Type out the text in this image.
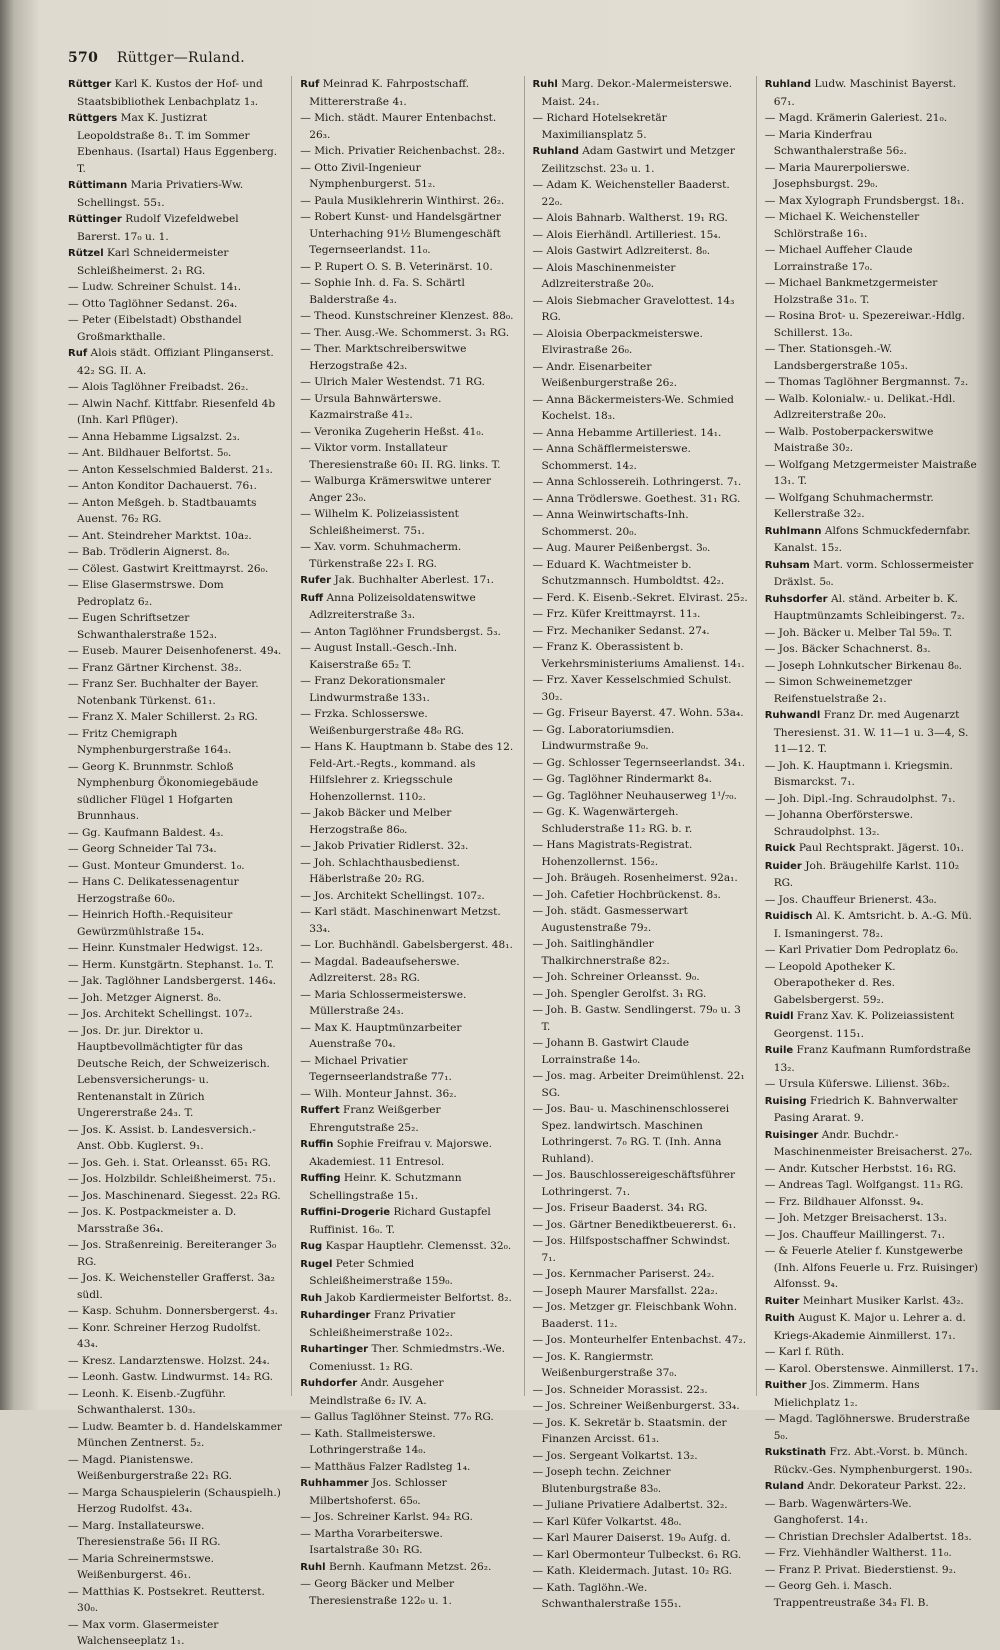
570 Rüttger—Ruland.
Rüttger Karl K. Kustos der Hof- und Staatsbibliothek Lenbachplatz 1₃.
Rüttgers Max K. Justizrat Leopoldstraße 8₁. T. im Sommer Ebenhaus. (Isartal) Haus Eggenberg. T.
Rüttimann Maria Privatiers-Ww. Schellingst. 55₁.
Rüttinger Rudolf Vizefeldwebel Barerst. 17₀ u. 1.
Rützel Karl Schneidermeister Schleißheimerst. 2₁ RG.
— Ludw. Schreiner Schulst. 14₁.
— Otto Taglöhner Sedanst. 26₄.
— Peter (Eibelstadt) Obsthandel Großmarkthalle.
Ruf Alois städt. Offiziant Plinganserst. 42₂ SG. II. A.
— Alois Taglöhner Freibadst. 26₂.
— Alwin Nachf. Kittfabr. Riesenfeld 4b (Inh. Karl Pflüger).
— Anna Hebamme Ligsalzst. 2₃.
— Ant. Bildhauer Belfortst. 5₀.
— Anton Kesselschmied Balderst. 21₃.
— Anton Konditor Dachauerst. 76₁.
— Anton Meßgeh. b. Stadtbauamts Auenst. 76₂ RG.
— Ant. Steindreher Marktst. 10a₂.
— Bab. Trödlerin Aignerst. 8₀.
— Cölest. Gastwirt Kreittmayrst. 26₀.
— Elise Glasermstrswe. Dom Pedroplatz 6₂.
— Eugen Schriftsetzer Schwanthalerstraße 152₃.
— Euseb. Maurer Deisenhofenerst. 49₄.
— Franz Gärtner Kirchenst. 38₂.
— Franz Ser. Buchhalter der Bayer. Notenbank Türkenst. 61₁.
— Franz X. Maler Schillerst. 2₃ RG.
— Fritz Chemigraph Nymphenburgerstraße 164₃.
— Georg K. Brunnmstr. Schloß Nymphenburg Ökonomiegebäude südlicher Flügel 1 Hofgarten Brunnhaus.
— Gg. Kaufmann Baldest. 4₃.
— Georg Schneider Tal 73₄.
— Gust. Monteur Gmunderst. 1₀.
— Hans C. Delikatessenagentur Herzogstraße 60₀.
— Heinrich Hofth.-Requisiteur Gewürzmühlstraße 15₄.
— Heinr. Kunstmaler Hedwigst. 12₃.
— Herm. Kunstgärtn. Stephanst. 1₀. T.
— Jak. Taglöhner Landsbergerst. 146₄.
— Joh. Metzger Aignerst. 8₀.
— Jos. Architekt Schellingst. 107₂.
— Jos. Dr. jur. Direktor u. Hauptbevollmächtigter für das Deutsche Reich, der Schweizerisch. Lebensversicherungs- u. Rentenanstalt in Zürich Ungererstraße 24₃. T.
— Jos. K. Assist. b. Landesversich.-Anst. Obb. Kuglerst. 9₁.
— Jos. Geh. i. Stat. Orleansst. 65₁ RG.
— Jos. Holzbildr. Schleißheimerst. 75₁.
— Jos. Maschinenard. Siegesst. 22₃ RG.
— Jos. K. Postpackmeister a. D. Marsstraße 36₄.
— Jos. Straßenreinig. Bereiteranger 3₀ RG.
— Jos. K. Weichensteller Grafferst. 3a₂ südl.
— Kasp. Schuhm. Donnersbergerst. 4₃.
— Konr. Schreiner Herzog Rudolfst. 43₄.
— Kresz. Landarztenswe. Holzst. 24₄.
— Leonh. Gastw. Lindwurmst. 14₂ RG.
— Leonh. K. Eisenb.-Zugführ. Schwanthalerst. 130₃.
— Ludw. Beamter b. d. Handelskammer München Zentnerst. 5₂.
— Magd. Pianistenswe. Weißenburgerstraße 22₁ RG.
— Marga Schauspielerin (Schauspielh.) Herzog Rudolfst. 43₄.
— Marg. Installateurswe. Theresienstraße 56₁ II RG.
— Maria Schreinermstswe. Weißenburgerst. 46₁.
— Matthias K. Postsekret. Reutterst. 30₀.
— Max vorm. Glasermeister Walchenseeplatz 1₁.
Ruf Meinrad K. Fahrpostschaff. Mittererstraße 4₁.
— Mich. städt. Maurer Entenbachst. 26₃.
— Mich. Privatier Reichenbachst. 28₂.
— Otto Zivil-Ingenieur Nymphenburgerst. 51₂.
— Paula Musiklehrerin Winthirst. 26₂.
— Robert Kunst- und Handelsgärtner Unterhaching 91½ Blumengeschäft Tegernseerlandst. 11₀.
— P. Rupert O. S. B. Veterinärst. 10.
— Sophie Inh. d. Fa. S. Schärtl Balderstraße 4₃.
— Theod. Kunstschreiner Klenzest. 88₀.
— Ther. Ausg.-We. Schommerst. 3₁ RG.
— Ther. Marktschreiberswitwe Herzogstraße 42₃.
— Ulrich Maler Westendst. 71 RG.
— Ursula Bahnwärterswe. Kazmairstraße 41₂.
— Veronika Zugeherin Heßst. 41₀.
— Viktor vorm. Installateur Theresienstraße 60₁ II. RG. links. T.
— Walburga Krämerswitwe unterer Anger 23₀.
— Wilhelm K. Polizeiassistent Schleißheimerst. 75₁.
— Xav. vorm. Schuhmacherm. Türkenstraße 22₃ I. RG.
Rufer Jak. Buchhalter Aberlest. 17₁.
Ruff Anna Polizeisoldatenswitwe Adlzreiterstraße 3₃.
— Anton Taglöhner Frundsbergst. 5₃.
— August Install.-Gesch.-Inh. Kaiserstraße 65₂ T.
— Franz Dekorationsmaler Lindwurmstraße 133₁.
— Frzka. Schlosserswe. Weißenburgerstraße 48₀ RG.
— Hans K. Hauptmann b. Stabe des 12. Feld-Art.-Regts., kommand. als Hilfslehrer z. Kriegsschule Hohenzollernst. 110₂.
— Jakob Bäcker und Melber Herzogstraße 86₀.
— Jakob Privatier Ridlerst. 32₃.
— Joh. Schlachthausbedienst. Häberlstraße 20₂ RG.
— Jos. Architekt Schellingst. 107₂.
— Karl städt. Maschinenwart Metzst. 33₄.
— Lor. Buchhändl. Gabelsbergerst. 48₁.
— Magdal. Badeaufseherswe. Adlzreiterst. 28₃ RG.
— Maria Schlossermeisterswe. Müllerstraße 24₃.
— Max K. Hauptmünzarbeiter Auenstraße 70₄.
— Michael Privatier Tegernseerlandstraße 77₁.
— Wilh. Monteur Jahnst. 36₂.
Ruffert Franz Weißgerber Ehrengutstraße 25₂.
Ruffin Sophie Freifrau v. Majorswe. Akademiest. 11 Entresol.
Ruffing Heinr. K. Schutzmann Schellingstraße 15₁.
Ruffini-Drogerie Richard Gustapfel Ruffinist. 16₀. T.
Rug Kaspar Hauptlehr. Clemensst. 32₀.
Rugel Peter Schmied Schleißheimerstraße 159₀.
Ruh Jakob Kardiermeister Belfortst. 8₂.
Ruhardinger Franz Privatier Schleißheimerstraße 102₂.
Ruhartinger Ther. Schmiedmstrs.-We. Comeniusst. 1₂ RG.
Ruhdorfer Andr. Ausgeher Meindlstraße 6₂ IV. A.
— Gallus Taglöhner Steinst. 77₀ RG.
— Kath. Stallmeisterswe. Lothringerstraße 14₀.
— Matthäus Falzer Radlsteg 1₄.
Ruhhammer Jos. Schlosser Milbertshoferst. 65₀.
— Jos. Schreiner Karlst. 94₂ RG.
— Martha Vorarbeiterswe. Isartalstraße 30₁ RG.
Ruhl Bernh. Kaufmann Metzst. 26₂.
— Georg Bäcker und Melber Theresienstraße 122₀ u. 1.
Ruhl Marg. Dekor.-Malermeisterswe. Maist. 24₁.
— Richard Hotelsekretär Maximiliansplatz 5.
Ruhland Adam Gastwirt und Metzger Zeilitzschst. 23₀ u. 1.
— Adam K. Weichensteller Baaderst. 22₀.
— Alois Bahnarb. Waltherst. 19₁ RG.
— Alois Eierhändl. Artilleriest. 15₄.
— Alois Gastwirt Adlzreiterst. 8₀.
— Alois Maschinenmeister Adlzreiterstraße 20₀.
— Alois Siebmacher Gravelottest. 14₃ RG.
— Aloisia Oberpackmeisterswe. Elvirastraße 26₀.
— Andr. Eisenarbeiter Weißenburgerstraße 26₂.
— Anna Bäckermeisters-We. Schmied Kochelst. 18₃.
— Anna Hebamme Artilleriest. 14₁.
— Anna Schäfflermeisterswe. Schommerst. 14₂.
— Anna Schlossereih. Lothringerst. 7₁.
— Anna Trödlerswe. Goethest. 31₁ RG.
— Anna Weinwirtschafts-Inh. Schommerst. 20₀.
— Aug. Maurer Peißenbergst. 3₀.
— Eduard K. Wachtmeister b. Schutzmannsch. Humboldtst. 42₂.
— Ferd. K. Eisenb.-Sekret. Elvirast. 25₂.
— Frz. Küfer Kreittmayrst. 11₃.
— Frz. Mechaniker Sedanst. 27₄.
— Franz K. Oberassistent b. Verkehrsministeriums Amalienst. 14₁.
— Frz. Xaver Kesselschmied Schulst. 30₂.
— Gg. Friseur Bayerst. 47. Wohn. 53a₄.
— Gg. Laboratoriumsdien. Lindwurmstraße 9₀.
— Gg. Schlosser Tegernseerlandst. 34₁.
— Gg. Taglöhner Rindermarkt 8₄.
— Gg. Taglöhner Neuhauserweg 1¹/₇₀.
— Gg. K. Wagenwärtergeh. Schluderstraße 11₂ RG. b. r.
— Hans Magistrats-Registrat. Hohenzollernst. 156₂.
— Joh. Bräugeh. Rosenheimerst. 92a₁.
— Joh. Cafetier Hochbrückenst. 8₃.
— Joh. städt. Gasmesserwart Augustenstraße 79₂.
— Joh. Saitlinghändler Thalkirchnerstraße 82₂.
— Joh. Schreiner Orleansst. 9₀.
— Joh. Spengler Gerolfst. 3₁ RG.
— Joh. B. Gastw. Sendlingerst. 79₀ u. 3 T.
— Johann B. Gastwirt Claude Lorrainstraße 14₀.
— Jos. mag. Arbeiter Dreimühlenst. 22₁ SG.
— Jos. Bau- u. Maschinenschlosserei Spez. landwirtsch. Maschinen Lothringerst. 7₀ RG. T. (Inh. Anna Ruhland).
— Jos. Bauschlossereigeschäftsführer Lothringerst. 7₁.
— Jos. Friseur Baaderst. 34₁ RG.
— Jos. Gärtner Benediktbeuererst. 6₁.
— Jos. Hilfspostschaffner Schwindst. 7₁.
— Jos. Kernmacher Pariserst. 24₂.
— Joseph Maurer Marsfallst. 22a₂.
— Jos. Metzger gr. Fleischbank Wohn. Baaderst. 11₂.
— Jos. Monteurhelfer Entenbachst. 47₂.
— Jos. K. Rangiermstr. Weißenburgerstraße 37₀.
— Jos. Schneider Morassist. 22₃.
— Jos. Schreiner Weißenburgerst. 33₄.
— Jos. K. Sekretär b. Staatsmin. der Finanzen Arcisst. 61₃.
— Jos. Sergeant Volkartst. 13₂.
— Joseph techn. Zeichner Blutenburgstraße 83₀.
— Juliane Privatiere Adalbertst. 32₂.
— Karl Küfer Volkartst. 48₀.
— Karl Maurer Daiserst. 19₀ Aufg. d.
— Karl Obermonteur Tulbeckst. 6₁ RG.
— Kath. Kleidermach. Jutast. 10₂ RG.
— Kath. Taglöhn.-We. Schwanthalerstraße 155₁.
Ruhland Ludw. Maschinist Bayerst. 67₁.
— Magd. Krämerin Galeriest. 21₀.
— Maria Kinderfrau Schwanthalerstraße 56₂.
— Maria Maurerpolierswe. Josephsburgst. 29₀.
— Max Xylograph Frundsbergst. 18₁.
— Michael K. Weichensteller Schlörstraße 16₁.
— Michael Auffeher Claude Lorrainstraße 17₀.
— Michael Bankmetzgermeister Holzstraße 31₀. T.
— Rosina Brot- u. Spezereiwar.-Hdlg. Schillerst. 13₀.
— Ther. Stationsgeh.-W. Landsbergerstraße 105₃.
— Thomas Taglöhner Bergmannst. 7₂.
— Walb. Kolonialw.- u. Delikat.-Hdl. Adlzreiterstraße 20₀.
— Walb. Postoberpackerswitwe Maistraße 30₂.
— Wolfgang Metzgermeister Maistraße 13₁. T.
— Wolfgang Schuhmachermstr. Kellerstraße 32₂.
Ruhlmann Alfons Schmuckfedernfabr. Kanalst. 15₂.
Ruhsam Mart. vorm. Schlossermeister Dräxlst. 5₀.
Ruhsdorfer Al. ständ. Arbeiter b. K. Hauptmünzamts Schleibingerst. 7₂.
— Joh. Bäcker u. Melber Tal 59₀. T.
— Jos. Bäcker Schachnerst. 8₃.
— Joseph Lohnkutscher Birkenau 8₀.
— Simon Schweinemetzger Reifenstuelstraße 2₁.
Ruhwandl Franz Dr. med Augenarzt Theresienst. 31. W. 11—1 u. 3—4, S. 11—12. T.
— Joh. K. Hauptmann i. Kriegsmin. Bismarckst. 7₁.
— Joh. Dipl.-Ing. Schraudolphst. 7₁.
— Johanna Oberförsterswe. Schraudolphst. 13₂.
Ruick Paul Rechtsprakt. Jägerst. 10₁.
Ruider Joh. Bräugehilfe Karlst. 110₂ RG.
— Jos. Chauffeur Brienerst. 43₀.
Ruidisch Al. K. Amtsricht. b. A.-G. Mü. I. Ismaningerst. 78₂.
— Karl Privatier Dom Pedroplatz 6₀.
— Leopold Apotheker K. Oberapotheker d. Res. Gabelsbergerst. 59₂.
Ruidl Franz Xav. K. Polizeiassistent Georgenst. 115₁.
Ruile Franz Kaufmann Rumfordstraße 13₂.
— Ursula Küferswe. Lilienst. 36b₂.
Ruising Friedrich K. Bahnverwalter Pasing Ararat. 9.
Ruisinger Andr. Buchdr.-Maschinenmeister Breisacherst. 27₀.
— Andr. Kutscher Herbstst. 16₁ RG.
— Andreas Tagl. Wolfgangst. 11₃ RG.
— Frz. Bildhauer Alfonsst. 9₄.
— Joh. Metzger Breisacherst. 13₃.
— Jos. Chauffeur Maillingerst. 7₁.
— & Feuerle Atelier f. Kunstgewerbe (Inh. Alfons Feuerle u. Frz. Ruisinger) Alfonsst. 9₄.
Ruiter Meinhart Musiker Karlst. 43₂.
Ruith August K. Major u. Lehrer a. d. Kriegs-Akademie Ainmillerst. 17₁.
— Karl f. Rüth.
— Karol. Oberstenswe. Ainmillerst. 17₁.
Ruither Jos. Zimmerm. Hans Mielichplatz 1₂.
— Magd. Taglöhnerswe. Bruderstraße 5₀.
Rukstinath Frz. Abt.-Vorst. b. Münch. Rückv.-Ges. Nymphenburgerst. 190₃.
Ruland Andr. Dekorateur Parkst. 22₂.
— Barb. Wagenwärters-We. Ganghoferst. 14₁.
— Christian Drechsler Adalbertst. 18₃.
— Frz. Viehhändler Waltherst. 11₀.
— Franz P. Privat. Biederstienst. 9₂.
— Georg Geh. i. Masch. Trappentreustraße 34₃ Fl. B.
